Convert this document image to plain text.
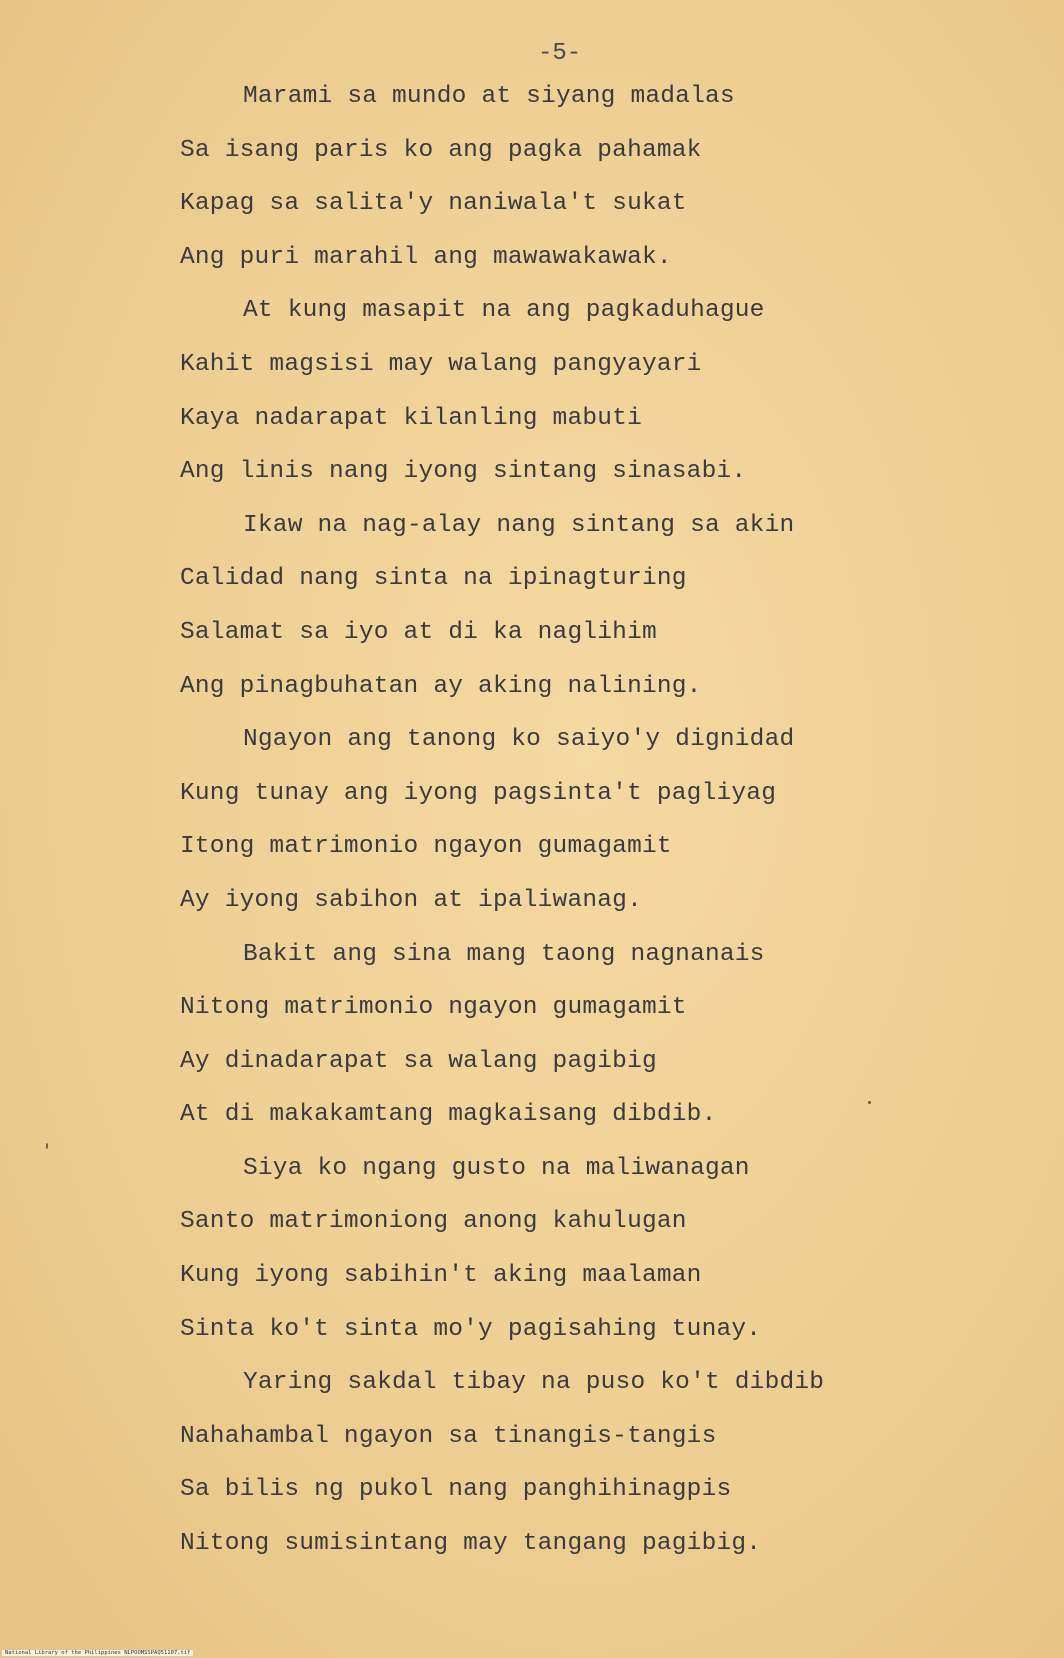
-5-
Marami sa mundo at siyang madalas
Sa isang paris ko ang pagka pahamak
Kapag sa salita'y naniwala't sukat
Ang puri marahil ang mawawakawak.
At kung masapit na ang pagkaduhague
Kahit magsisi may walang pangyayari
Kaya nadarapat kilanling mabuti
Ang linis nang iyong sintang sinasabi.
Ikaw na nag-alay nang sintang sa akin
Calidad nang sinta na ipinagturing
Salamat sa iyo at di ka naglihim
Ang pinagbuhatan ay aking nalining.
Ngayon ang tanong ko saiyo'y dignidad
Kung tunay ang iyong pagsinta't pagliyag
Itong matrimonio ngayon gumagamit
Ay iyong sabihon at ipaliwanag.
Bakit ang sina mang taong nagnanais
Nitong matrimonio ngayon gumagamit
Ay dinadarapat sa walang pagibig
At di makakamtang magkaisang dibdib.
Siya ko ngang gusto na maliwanagan
Santo matrimoniong anong kahulugan
Kung iyong sabihin't aking maalaman
Sinta ko't sinta mo'y pagisahing tunay.
Yaring sakdal tibay na puso ko't dibdib
Nahahambal ngayon sa tinangis-tangis
Sa bilis ng pukol nang panghihinagpis
Nitong sumisintang may tangang pagibig.
National Library of the Philippines NLPOOMSSPAQ51107.tif
